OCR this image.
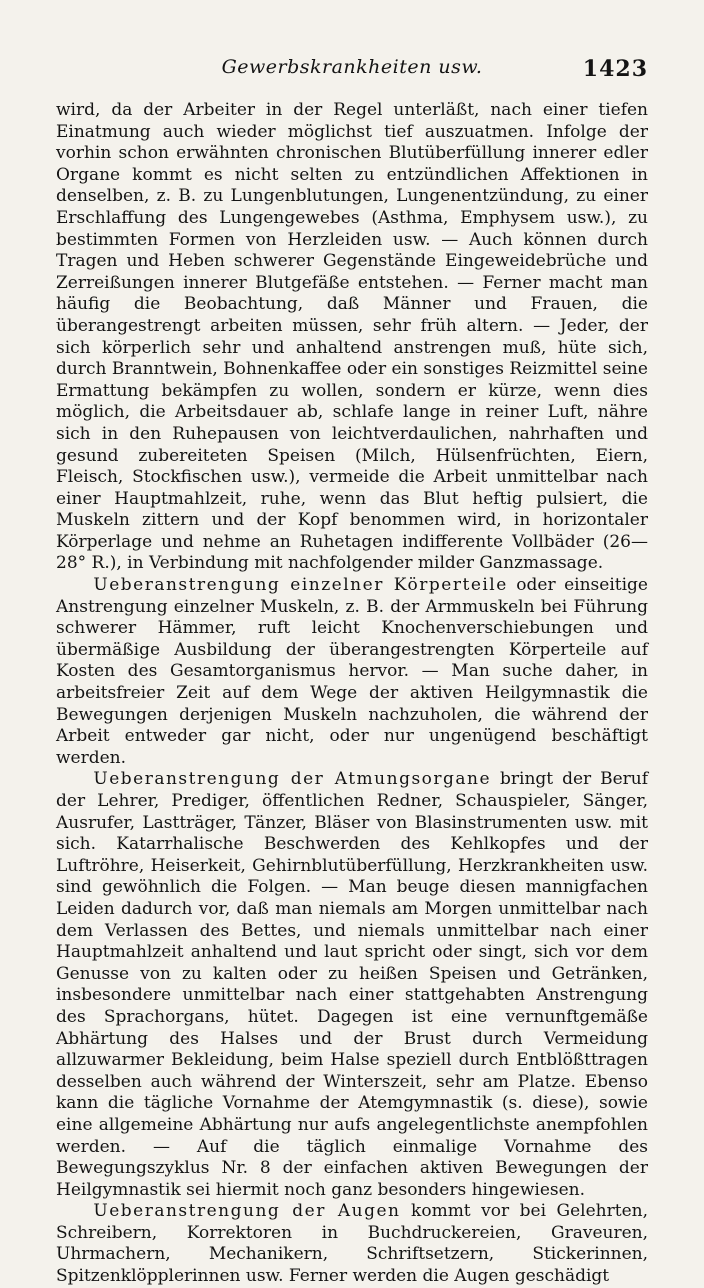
Gewerbskrankheiten usw.	1423

wird, da der Arbeiter in der Regel unterläßt, nach einer tiefen Einatmung auch wieder möglichst tief auszuatmen. Infolge der vorhin schon erwähnten chronischen Blutüberfüllung innerer edler Organe kommt es nicht selten zu entzündlichen Affektionen in denselben, z. B. zu Lungenblutungen, Lungenentzündung, zu einer Erschlaffung des Lungengewebes (Asthma, Emphysem usw.), zu bestimmten Formen von Herzleiden usw. — Auch können durch Tragen und Heben schwerer Gegenstände Eingeweidebrüche und Zerreißungen innerer Blutgefäße entstehen. — Ferner macht man häufig die Beobachtung, daß Männer und Frauen, die überangestrengt arbeiten müssen, sehr früh altern. — Jeder, der sich körperlich sehr und anhaltend anstrengen muß, hüte sich, durch Branntwein, Bohnenkaffee oder ein sonstiges Reizmittel seine Ermattung bekämpfen zu wollen, sondern er kürze, wenn dies möglich, die Arbeitsdauer ab, schlafe lange in reiner Luft, nähre sich in den Ruhepausen von leichtverdaulichen, nahrhaften und gesund zubereiteten Speisen (Milch, Hülsenfrüchten, Eiern, Fleisch, Stockfischen usw.), vermeide die Arbeit unmittelbar nach einer Hauptmahlzeit, ruhe, wenn das Blut heftig pulsiert, die Muskeln zittern und der Kopf benommen wird, in horizontaler Körperlage und nehme an Ruhetagen indifferente Vollbäder (26—28° R.), in Verbindung mit nachfolgender milder Ganzmassage.

Ueberanstrengung einzelner Körperteile oder einseitige Anstrengung einzelner Muskeln, z. B. der Armmuskeln bei Führung schwerer Hämmer, ruft leicht Knochenverschiebungen und übermäßige Ausbildung der überangestrengten Körperteile auf Kosten des Gesamtorganismus hervor. — Man suche daher, in arbeitsfreier Zeit auf dem Wege der aktiven Heilgymnastik die Bewegungen derjenigen Muskeln nachzuholen, die während der Arbeit entweder gar nicht, oder nur ungenügend beschäftigt werden.

Ueberanstrengung der Atmungsorgane bringt der Beruf der Lehrer, Prediger, öffentlichen Redner, Schauspieler, Sänger, Ausrufer, Lastträger, Tänzer, Bläser von Blasinstrumenten usw. mit sich. Katarrhalische Beschwerden des Kehlkopfes und der Luftröhre, Heiserkeit, Gehirnblutüberfüllung, Herzkrankheiten usw. sind gewöhnlich die Folgen. — Man beuge diesen mannigfachen Leiden dadurch vor, daß man niemals am Morgen unmittelbar nach dem Verlassen des Bettes, und niemals unmittelbar nach einer Hauptmahlzeit anhaltend und laut spricht oder singt, sich vor dem Genusse von zu kalten oder zu heißen Speisen und Getränken, insbesondere unmittelbar nach einer stattgehabten Anstrengung des Sprachorgans, hütet. Dagegen ist eine vernunftgemäße Abhärtung des Halses und der Brust durch Vermeidung allzuwarmer Bekleidung, beim Halse speziell durch Entblößttragen desselben auch während der Winterszeit, sehr am Platze. Ebenso kann die tägliche Vornahme der Atemgymnastik (s. diese), sowie eine allgemeine Abhärtung nur aufs angelegentlichste anempfohlen werden. — Auf die täglich einmalige Vornahme des Bewegungszyklus Nr. 8 der einfachen aktiven Bewegungen der Heilgymnastik sei hiermit noch ganz besonders hingewiesen.

Ueberanstrengung der Augen kommt vor bei Gelehrten, Schreibern, Korrektoren in Buchdruckereien, Graveuren, Uhrmachern, Mechanikern, Schriftsetzern, Stickerinnen, Spitzenklöpplerinnen usw. Ferner werden die Augen geschädigt
